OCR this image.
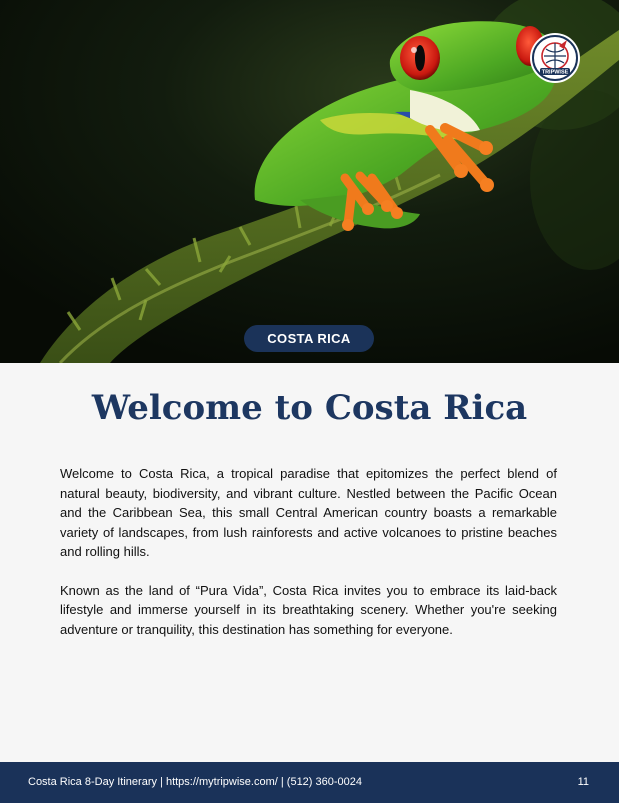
TRIPWISE
COSTA RICA
Welcome to Costa Rica

Welcome to Costa Rica, a tropical paradise that epitomizes the perfect blend of natural beauty, biodiversity, and vibrant culture. Nestled between the Pacific Ocean and the Caribbean Sea, this small Central American country boasts a remarkable variety of landscapes, from lush rainforests and active volcanoes to pristine beaches and rolling hills.

Known as the land of “Pura Vida”, Costa Rica invites you to embrace its laid-back lifestyle and immerse yourself in its breathtaking scenery. Whether you're seeking adventure or tranquility, this destination has something for everyone.

Costa Rica 8-Day Itinerary | https://mytripwise.com/ | (512) 360-0024	11
